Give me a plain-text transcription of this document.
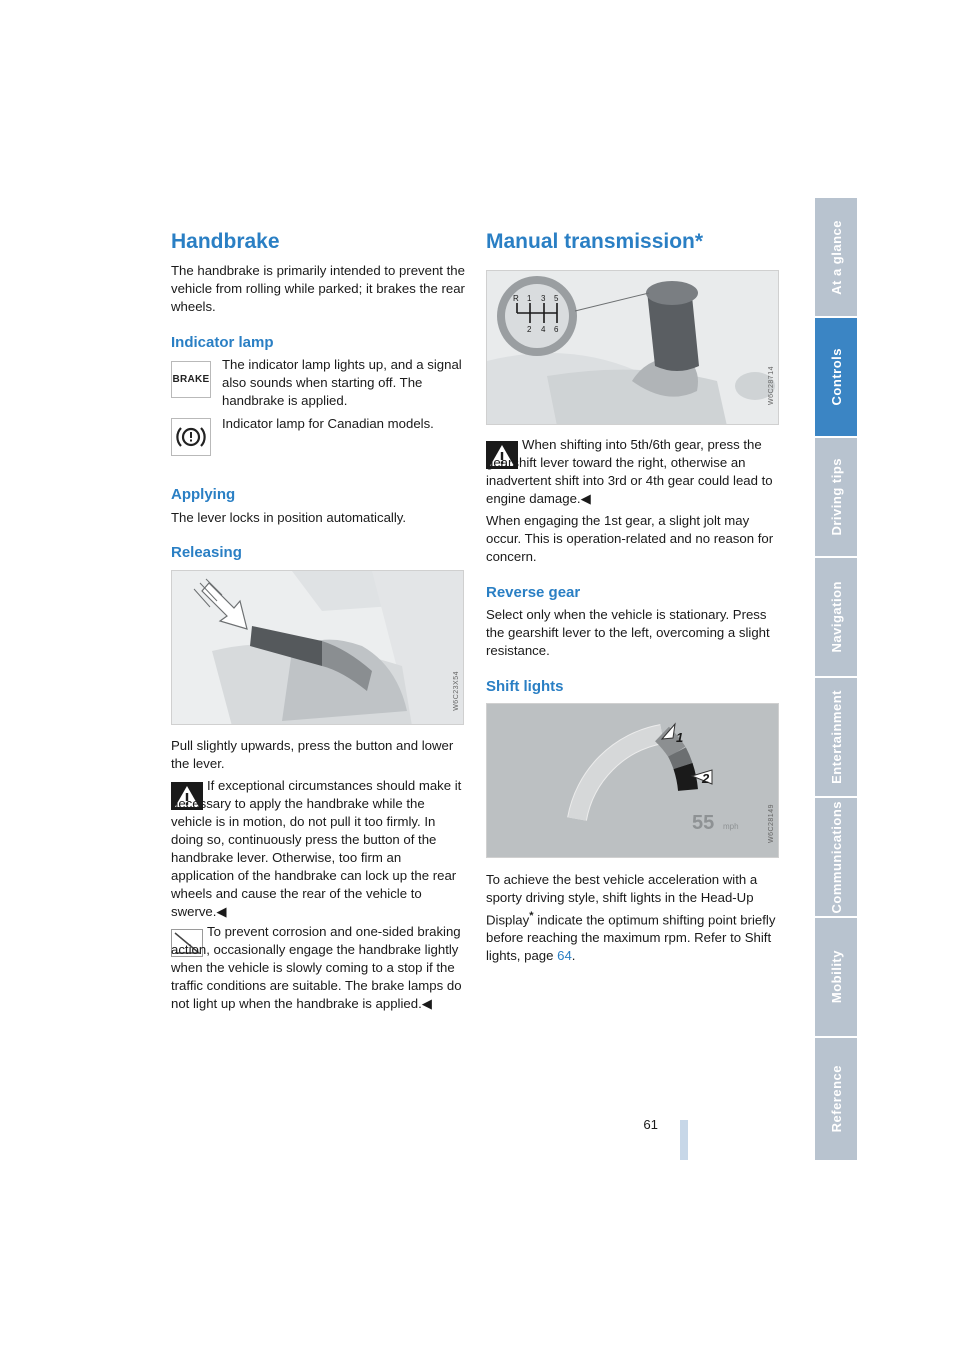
Handbrake

The handbrake is primarily intended to prevent the vehicle from rolling while parked; it brakes the rear wheels.

Indicator lamp
BRAKE

The indicator lamp lights up, and a signal also sounds when starting off. The handbrake is applied.

Indicator lamp for Canadian models.

Applying

The lever locks in position automatically.

Releasing
W6C23X54

Pull slightly upwards, press the button and lower the lever.

If exceptional circumstances should make it necessary to apply the handbrake while the vehicle is in motion, do not pull it too firmly. In doing so, continuously press the button of the handbrake lever. Otherwise, too firm an application of the handbrake can lock up the rear wheels and cause the rear of the vehicle to swerve.◀

To prevent corrosion and one-sided braking action, occasionally engage the handbrake lightly when the vehicle is slowly coming to a stop if the traffic conditions are suitable. The brake lamps do not light up when the handbrake is applied.◀

Manual transmission*
R 1 3 5
2 4 6
W6C28714

When shifting into 5th/6th gear, press the gearshift lever toward the right, otherwise an inadvertent shift into 3rd or 4th gear could lead to engine damage.◀

When engaging the 1st gear, a slight jolt may occur. This is operation-related and no reason for concern.

Reverse gear

Select only when the vehicle is stationary. Press the gearshift lever to the left, overcoming a slight resistance.

Shift lights
1
2
55 mph	W6C28149

To achieve the best vehicle acceleration with a sporty driving style, shift lights in the Head-Up Display* indicate the optimum shifting point briefly before reaching the maximum rpm. Refer to Shift lights, page 64.

61
At a glance
Controls
Driving tips
Navigation
Entertainment
Communications
Mobility
Reference
